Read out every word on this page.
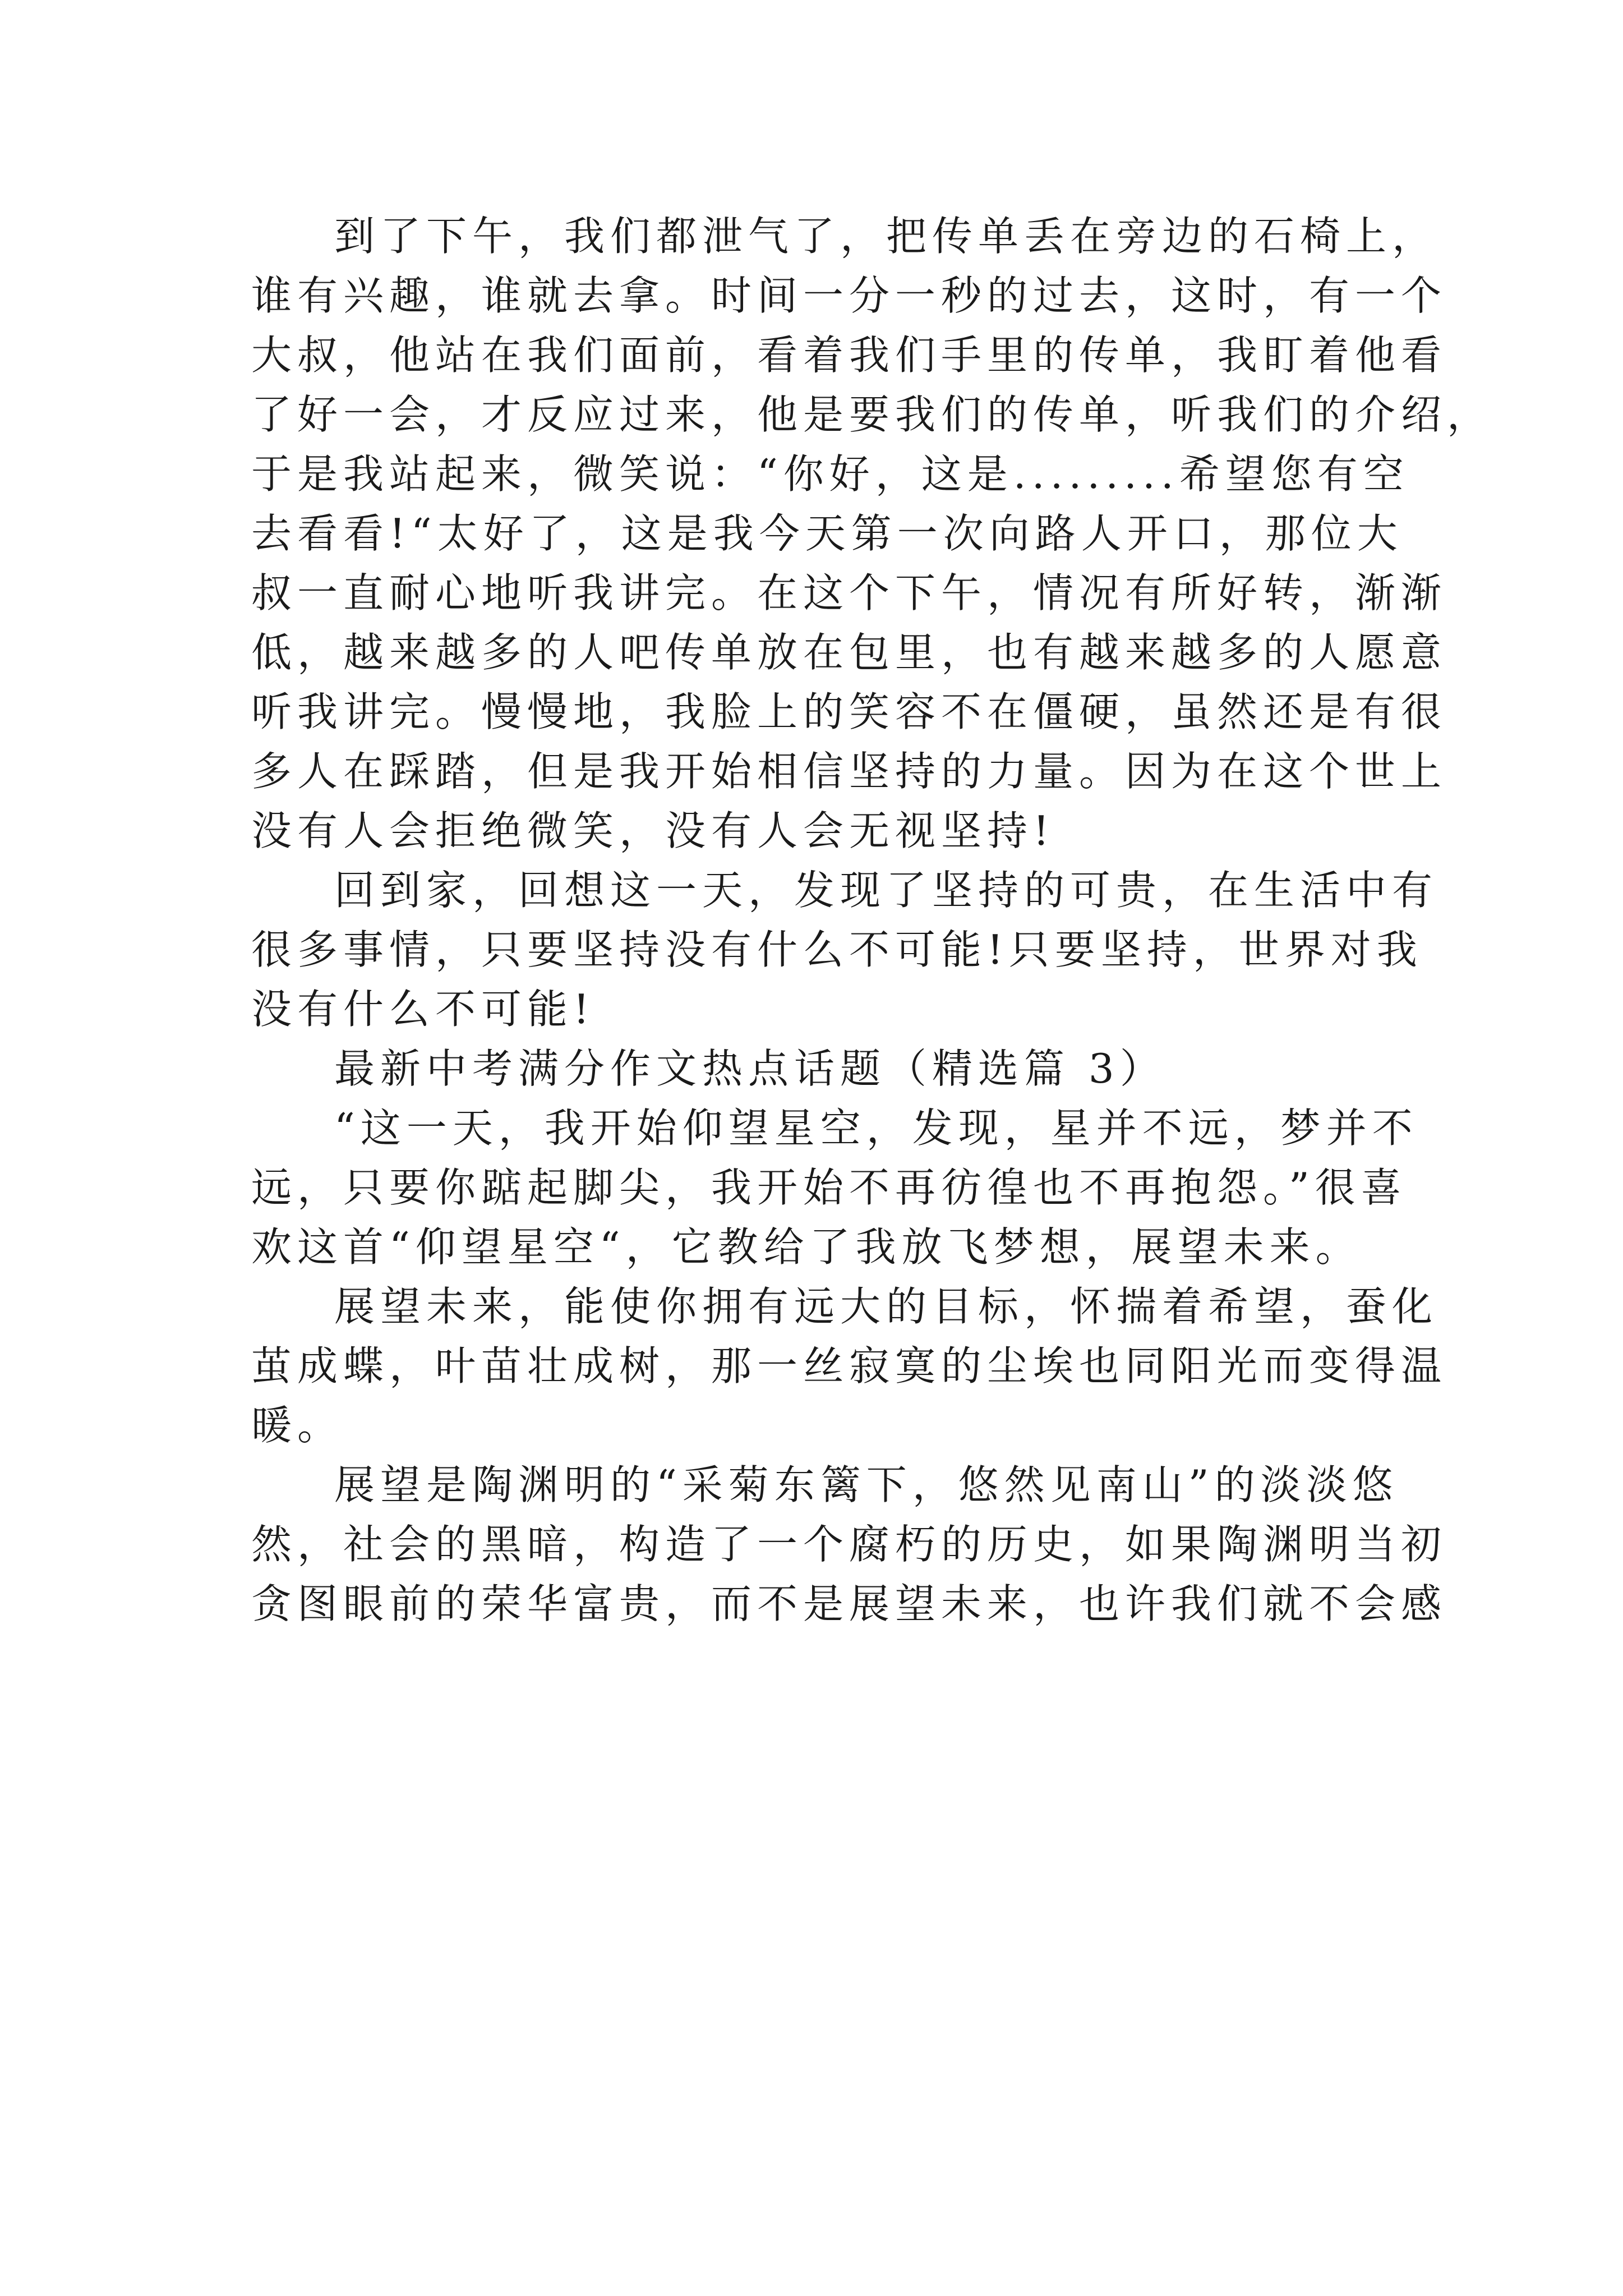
到了下午，我们都泄气了，把传单丢在旁边的石椅上，
谁有兴趣，谁就去拿。时间一分一秒的过去，这时，有一个
大叔，他站在我们面前，看着我们手里的传单，我盯着他看
了好一会，才反应过来，他是要我们的传单，听我们的介绍，
于是我站起来，微笑说：“你好，这是.........希望您有空
去看看!“太好了，这是我今天第一次向路人开口，那位大
叔一直耐心地听我讲完。在这个下午，情况有所好转，渐渐
低，越来越多的人吧传单放在包里，也有越来越多的人愿意
听我讲完。慢慢地，我脸上的笑容不在僵硬，虽然还是有很
多人在踩踏，但是我开始相信坚持的力量。因为在这个世上
没有人会拒绝微笑，没有人会无视坚持!
回到家，回想这一天，发现了坚持的可贵，在生活中有
很多事情，只要坚持没有什么不可能!只要坚持，世界对我
没有什么不可能!
最新中考满分作文热点话题（精选篇 3）
“这一天，我开始仰望星空，发现，星并不远，梦并不
远，只要你踮起脚尖，我开始不再彷徨也不再抱怨。”很喜
欢这首“仰望星空“，它教给了我放飞梦想，展望未来。
展望未来，能使你拥有远大的目标，怀揣着希望，蚕化
茧成蝶，叶苗壮成树，那一丝寂寞的尘埃也同阳光而变得温
暖。
展望是陶渊明的“采菊东篱下，悠然见南山”的淡淡悠
然，社会的黑暗，构造了一个腐朽的历史，如果陶渊明当初
贪图眼前的荣华富贵，而不是展望未来，也许我们就不会感
